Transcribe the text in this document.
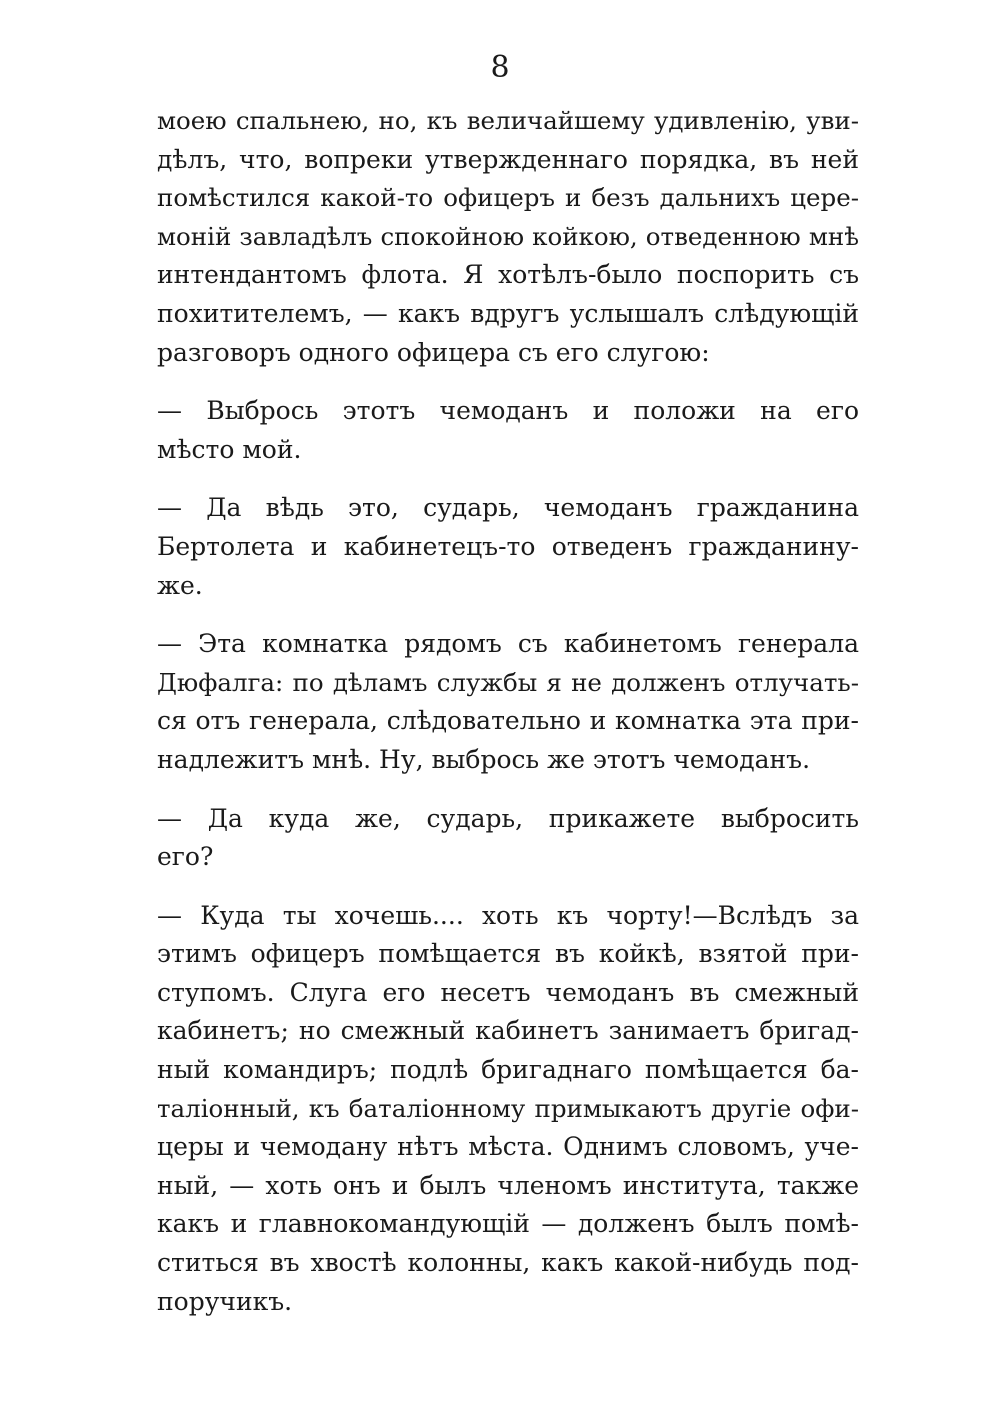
8
моею спальнею, но, къ величайшему удивленію, уви-
дѣлъ, что, вопреки утвержденнаго порядка, въ ней
помѣстился какой-то офицеръ и безъ дальнихъ цере-
моній завладѣлъ спокойною койкою, отведенною мнѣ
интендантомъ флота. Я хотѣлъ-было поспорить съ
похитителемъ, — какъ вдругъ услышалъ слѣдующій
разговоръ одного офицера съ его слугою:
— Выбрось этотъ чемоданъ и положи на его
мѣсто мой.
— Да вѣдь это, сударь, чемоданъ гражданина
Бертолета и кабинетецъ-то отведенъ гражданину-
же.
— Эта комнатка рядомъ съ кабинетомъ генерала
Дюфалга: по дѣламъ службы я не долженъ отлучать-
ся отъ генерала, слѣдовательно и комнатка эта при-
надлежитъ мнѣ. Ну, выбрось же этотъ чемоданъ.
— Да куда же, сударь, прикажете выбросить
его?
— Куда ты хочешь.... хоть къ чорту!—Вслѣдъ за
этимъ офицеръ помѣщается въ койкѣ, взятой при-
ступомъ. Слуга его несетъ чемоданъ въ смежный
кабинетъ; но смежный кабинетъ занимаетъ бригад-
ный командиръ; подлѣ бригаднаго помѣщается ба-
таліонный, къ баталіонному примыкаютъ другіе офи-
церы и чемодану нѣтъ мѣста. Однимъ словомъ, уче-
ный, — хоть онъ и былъ членомъ института, также
какъ и главнокомандующій — долженъ былъ помѣ-
ститься въ хвостѣ колонны, какъ какой-нибудь под-
поручикъ.
